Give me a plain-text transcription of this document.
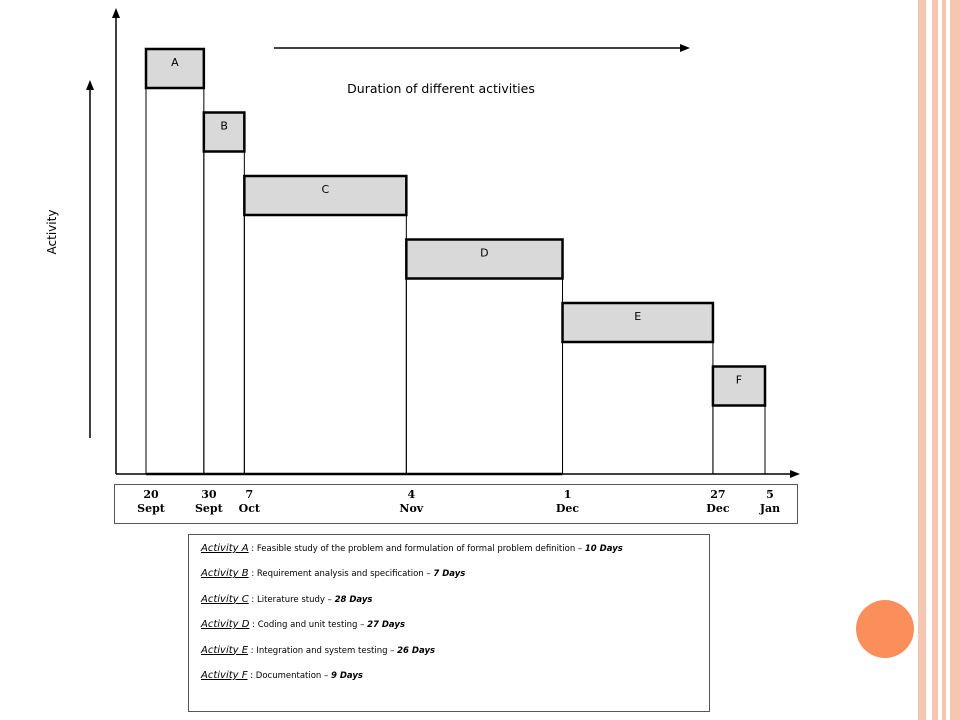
Duration of different activities
Activity
A
B
C
D
E
F
20
Sept
30
Sept
7
Oct
4
Nov
1
Dec
27
Dec
5
Jan
Activity A : Feasible study of the problem and formulation of formal problem definition – 10 Days
Activity B : Requirement analysis and specification – 7 Days
Activity C : Literature study – 28 Days
Activity D : Coding and unit testing – 27 Days
Activity E : Integration and system testing – 26 Days
Activity F : Documentation – 9 Days
